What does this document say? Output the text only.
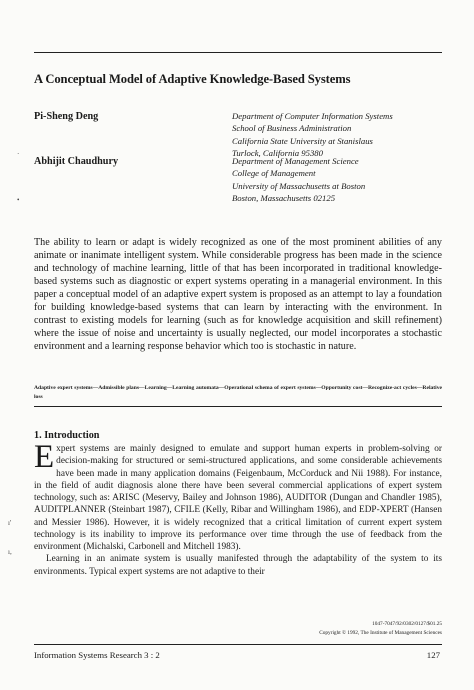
A Conceptual Model of Adaptive Knowledge-Based Systems
Pi-Sheng Deng	Department of Computer Information Systems
School of Business Administration
California State University at Stanislaus
Turlock, California 95380
Abhijit Chaudhury	Department of Management Science
College of Management
University of Massachusetts at Boston
Boston, Massachusetts 02125
The ability to learn or adapt is widely recognized as one of the most prominent abilities of any animate or inanimate intelligent system. While considerable progress has been made in the science and technology of machine learning, little of that has been incorporated in traditional knowledge-based systems such as diagnostic or expert systems operating in a managerial environment. In this paper a conceptual model of an adaptive expert system is proposed as an attempt to lay a foundation for building knowledge-based systems that can learn by interacting with the environment. In contrast to existing models for learning (such as for knowledge acquisition and skill refinement) where the issue of noise and uncertainty is usually neglected, our model incorporates a stochastic environment and a learning response behavior which too is stochastic in nature.
Adaptive expert systems—Admissible plans—Learning—Learning automata—Operational schema of expert systems—Opportunity cost—Recognize-act cycles—Relative loss
1. Introduction

Expert systems are mainly designed to emulate and support human experts in problem-solving or decision-making for structured or semi-structured applications, and some considerable achievements have been made in many application domains (Feigenbaum, McCorduck and Nii 1988). For instance, in the field of audit diagnosis alone there have been several commercial applications of expert system technology, such as: ARISC (Meservy, Bailey and Johnson 1986), AUDITOR (Dungan and Chandler 1985), AUDITPLANNER (Steinbart 1987), CFILE (Kelly, Ribar and Willingham 1986), and EDP-XPERT (Hansen and Messier 1986). However, it is widely recognized that a critical limitation of current expert system technology is its inability to improve its performance over time through the use of feedback from the environment (Michalski, Carbonell and Mitchell 1983).

Learning in an animate system is usually manifested through the adaptability of the system to its environments. Typical expert systems are not adaptive to their

1047-7047/92/0302/0127/$01.25
Copyright © 1992, The Institute of Management Sciences
Information Systems Research 3 : 2	127
·
•
ı'
ı,
